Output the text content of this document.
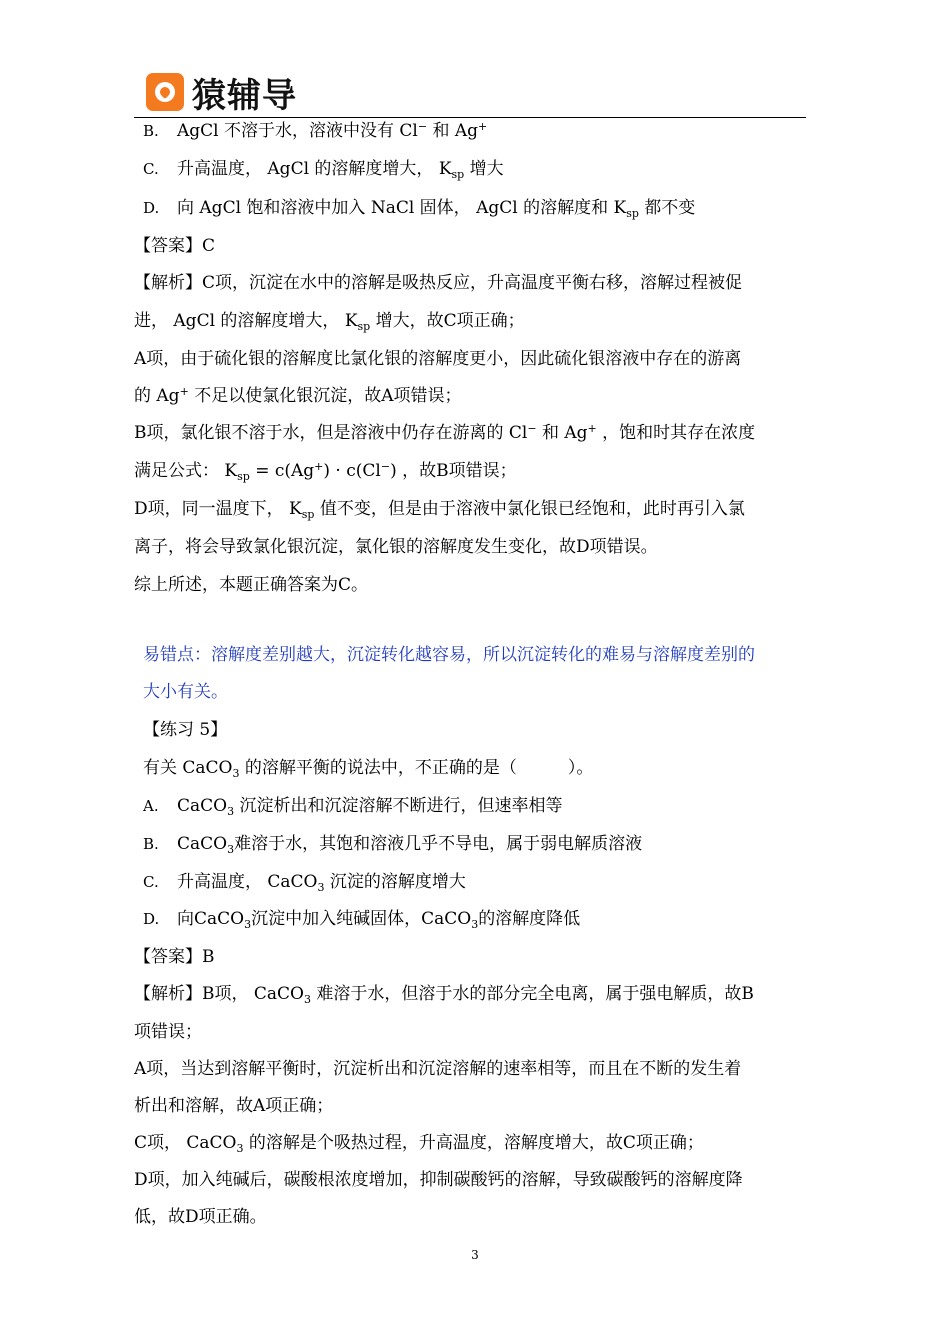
猿辅导
B. AgCl 不溶于水，溶液中没有 Cl− 和 Ag+
C. 升高温度， AgCl 的溶解度增大， $K_{sp}$ 增大
D. 向 AgCl 饱和溶液中加入 NaCl 固体， AgCl 的溶解度和 $K_{sp}$ 都不变
【答案】C
【解析】C项，沉淀在水中的溶解是吸热反应，升高温度平衡右移，溶解过程被促
进， AgCl 的溶解度增大， $K_{sp}$ 增大，故C项正确；
A项，由于硫化银的溶解度比氯化银的溶解度更小，因此硫化银溶液中存在的游离
的 Ag+ 不足以使氯化银沉淀，故A项错误；
B项，氯化银不溶于水，但是溶液中仍存在游离的 Cl− 和 Ag+ ，饱和时其存在浓度
满足公式： $K_{sp} = c(Ag^+) \cdot c(Cl^-)$ ，故B项错误；
D项，同一温度下， $K_{sp}$ 值不变，但是由于溶液中氯化银已经饱和，此时再引入氯
离子，将会导致氯化银沉淀，氯化银的溶解度发生变化，故D项错误。
综上所述，本题正确答案为C。
易错点：溶解度差别越大，沉淀转化越容易，所以沉淀转化的难易与溶解度差别的
大小有关。
【练习 5】
有关 CaCO$_3$ 的溶解平衡的说法中，不正确的是（　　　）。
A. CaCO$_3$ 沉淀析出和沉淀溶解不断进行，但速率相等
B. CaCO$_3$难溶于水，其饱和溶液几乎不导电，属于弱电解质溶液
C. 升高温度， CaCO$_3$ 沉淀的溶解度增大
D. 向CaCO$_3$沉淀中加入纯碱固体，CaCO$_3$的溶解度降低
【答案】B
【解析】B项， CaCO$_3$ 难溶于水，但溶于水的部分完全电离，属于强电解质，故B
项错误；
A项，当达到溶解平衡时，沉淀析出和沉淀溶解的速率相等，而且在不断的发生着
析出和溶解，故A项正确；
C项， CaCO$_3$ 的溶解是个吸热过程，升高温度，溶解度增大，故C项正确；
D项，加入纯碱后，碳酸根浓度增加，抑制碳酸钙的溶解，导致碳酸钙的溶解度降
低，故D项正确。
3
